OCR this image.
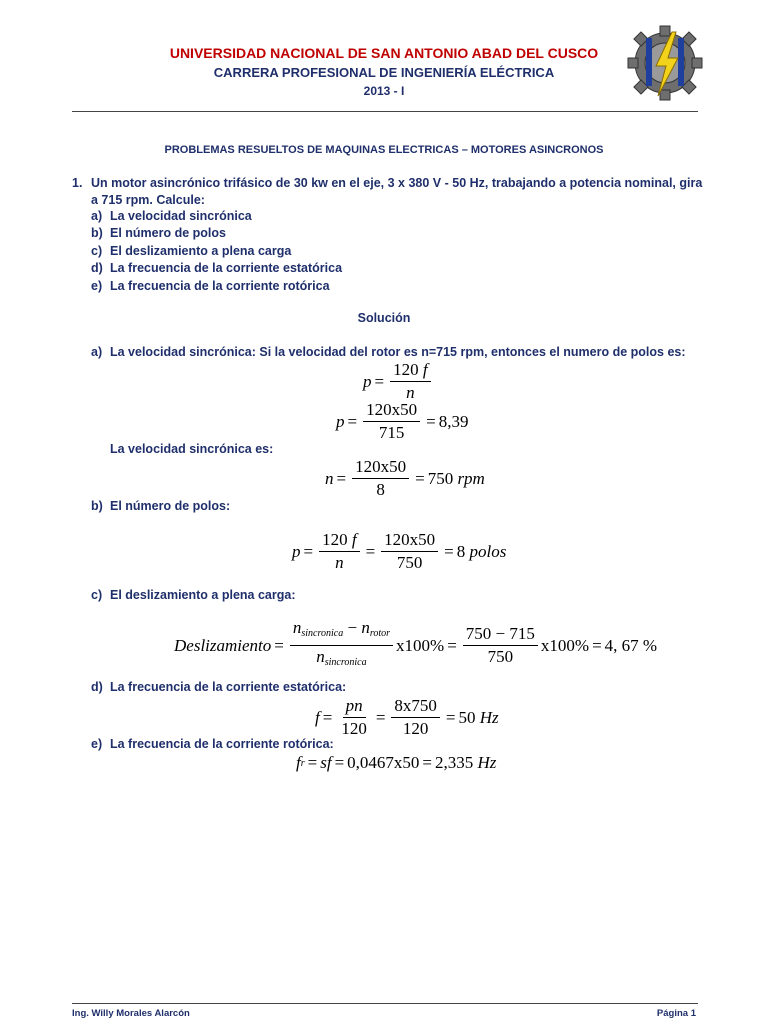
UNIVERSIDAD NACIONAL DE SAN ANTONIO ABAD DEL CUSCO
CARRERA PROFESIONAL DE INGENIERÍA ELÉCTRICA
2013 - I
PROBLEMAS RESUELTOS DE MAQUINAS ELECTRICAS – MOTORES ASINCRONOS
1. Un motor asincrónico trifásico de 30 kw en el eje, 3 x 380 V - 50 Hz, trabajando a potencia nominal, gira
a 715 rpm. Calcule:
a) La velocidad sincrónica
b) El número de polos
c) El deslizamiento a plena carga
d) La frecuencia de la corriente estatórica
e) La frecuencia de la corriente rotórica
Solución
a) La velocidad sincrónica: Si la velocidad del rotor es n=715 rpm, entonces el numero de polos es:
$p = \frac{120 f}{n}$
$p = \frac{120x50}{715} = 8,39$
La velocidad sincrónica es:
$n = \frac{120x50}{8} = 750$
rpm
b) El número de polos:
$p = \frac{120 f}{n} = \frac{120x50}{750} = 8$
polos
c) El deslizamiento a plena carga:
Deslizamiento = $\frac{n_{sincronica} - n_{rotor}}{n_{sincronica}} x100\% = \frac{750 - 715}{750} x100\% = 4$, 67 %
d) La frecuencia de la corriente estatórica:
$f = \frac{pn}{120} = \frac{8x750}{120} = 50$
Hz
e) La frecuencia de la corriente rotórica:
f r = sf = 0,0467x50 = 2,335
Hz
Ing. Willy Morales Alarcón	Página 1
